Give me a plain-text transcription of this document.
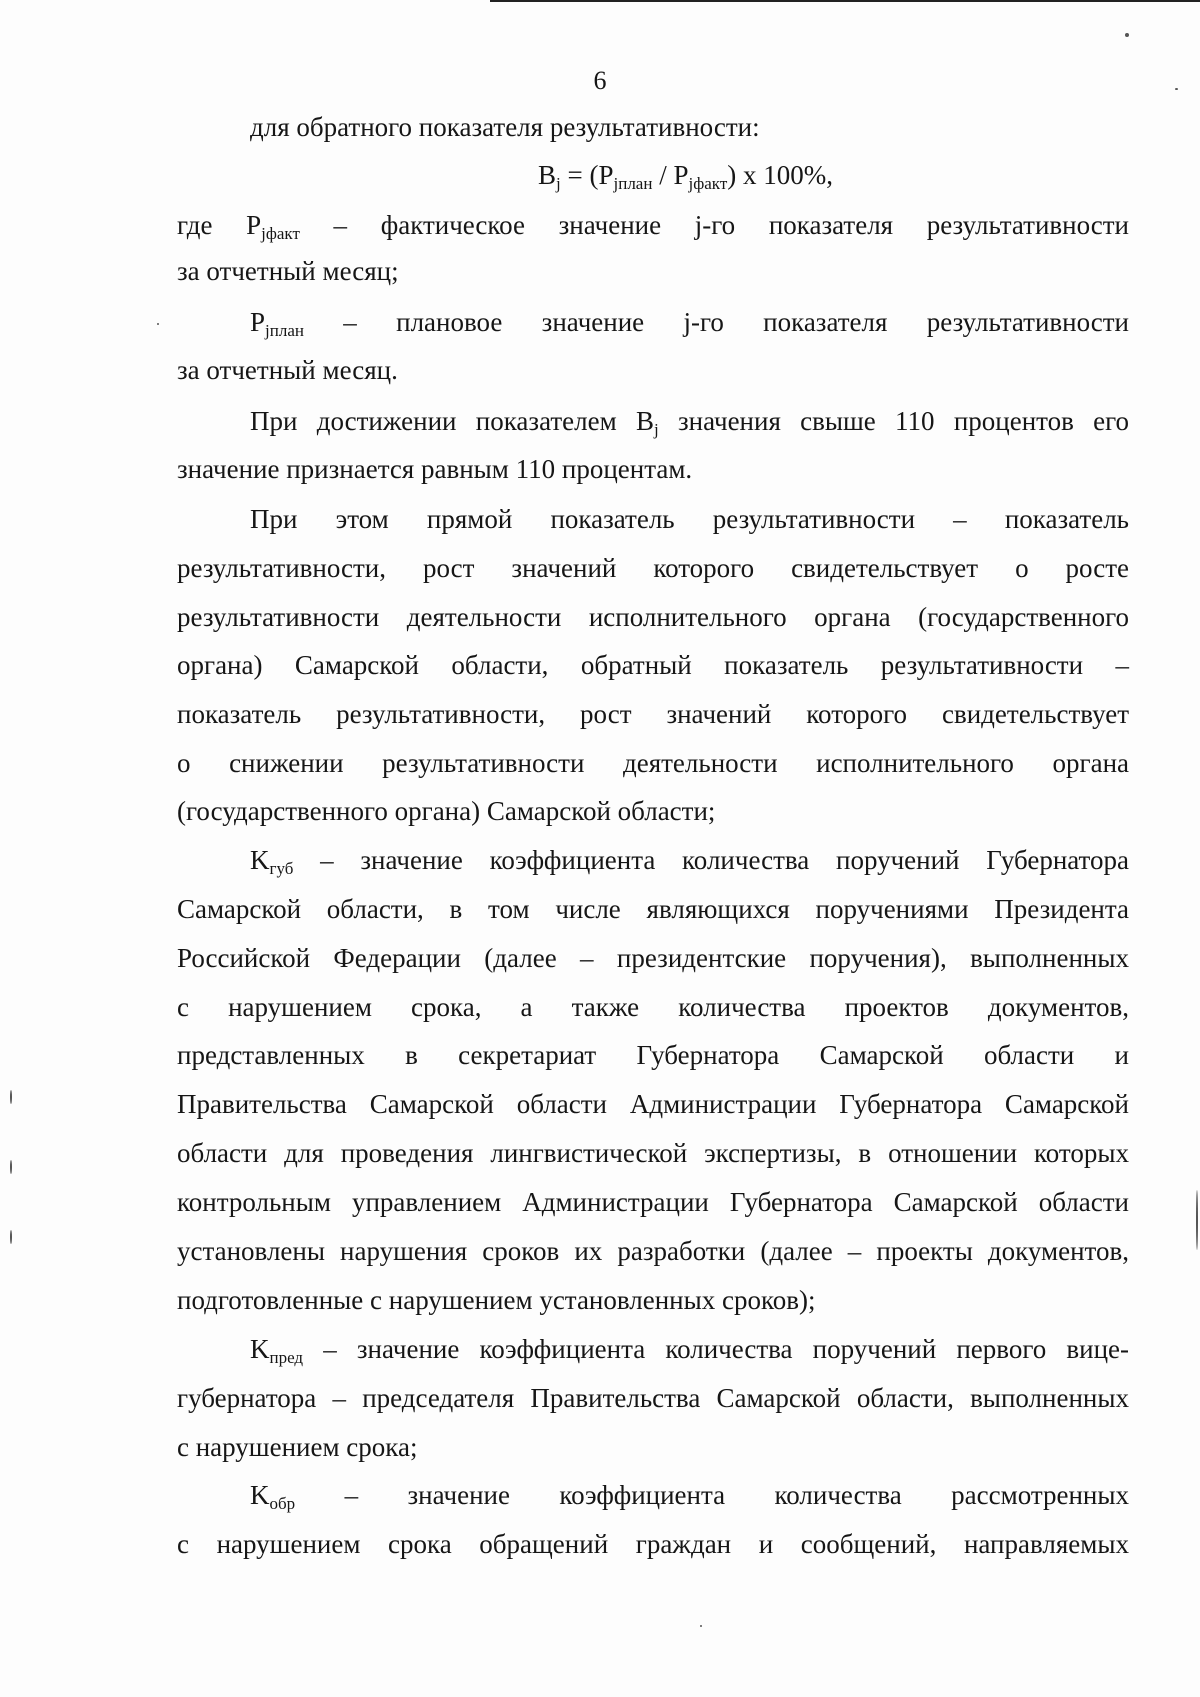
6
для обратного показателя результативности:
$B_j = (P_{jплан} / P_{jфакт})$ x 100%,
где $P_{jфакт}$ – фактическое значение j-го показателя результативности
за отчетный месяц;
$P_{jплан}$ – плановое значение j-го показателя результативности
за отчетный месяц.
При достижении показателем $B_j$ значения свыше 110 процентов его
значение признается равным 110 процентам.
При этом прямой показатель результативности – показатель
результативности, рост значений которого свидетельствует о росте
результативности деятельности исполнительного органа (государственного
органа) Самарской области, обратный показатель результативности –
показатель результативности, рост значений которого свидетельствует
о снижении результативности деятельности исполнительного органа
(государственного органа) Самарской области;
$K_{губ}$ – значение коэффициента количества поручений Губернатора
Самарской области, в том числе являющихся поручениями Президента
Российской Федерации (далее – президентские поручения), выполненных
с нарушением срока, а также количества проектов документов,
представленных в секретариат Губернатора Самарской области и
Правительства Самарской области Администрации Губернатора Самарской
области для проведения лингвистической экспертизы, в отношении которых
контрольным управлением Администрации Губернатора Самарской области
установлены нарушения сроков их разработки (далее – проекты документов,
подготовленные с нарушением установленных сроков);
$K_{пред}$ – значение коэффициента количества поручений первого вице-
губернатора – председателя Правительства Самарской области, выполненных
с нарушением срока;
$K_{обр}$ – значение коэффициента количества рассмотренных
с нарушением срока обращений граждан и сообщений, направляемых
